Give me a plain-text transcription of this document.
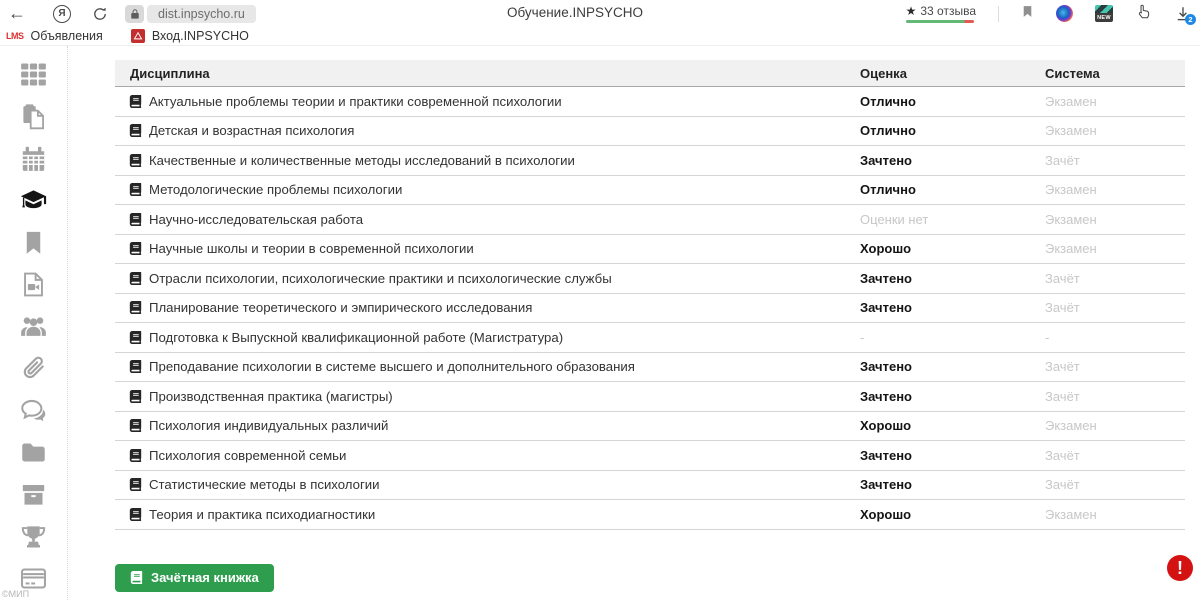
←	Я	dist.inpsycho.ru	Обучение.INPSYCHO	★ 33 отзыва	NEW	2
LMS Объявления	Вход.INPSYCHO
©МИП
Дисциплина	Оценка	Система
Актуальные проблемы теории и практики современной психологии	Отлично	Экзамен
Детская и возрастная психология	Отлично	Экзамен
Качественные и количественные методы исследований в психологии	Зачтено	Зачёт
Методологические проблемы психологии	Отлично	Экзамен
Научно-исследовательская работа	Оценки нет	Экзамен
Научные школы и теории в современной психологии	Хорошо	Экзамен
Отрасли психологии, психологические практики и психологические службы	Зачтено	Зачёт
Планирование теоретического и эмпирического исследования	Зачтено	Зачёт
Подготовка к Выпускной квалификационной работе (Магистратура)	-	-
Преподавание психологии в системе высшего и дополнительного образования	Зачтено	Зачёт
Производственная практика (магистры)	Зачтено	Зачёт
Психология индивидуальных различий	Хорошо	Экзамен
Психология современной семьи	Зачтено	Зачёт
Статистические методы в психологии	Зачтено	Зачёт
Теория и практика психодиагностики	Хорошо	Экзамен
Зачётная книжка	!
